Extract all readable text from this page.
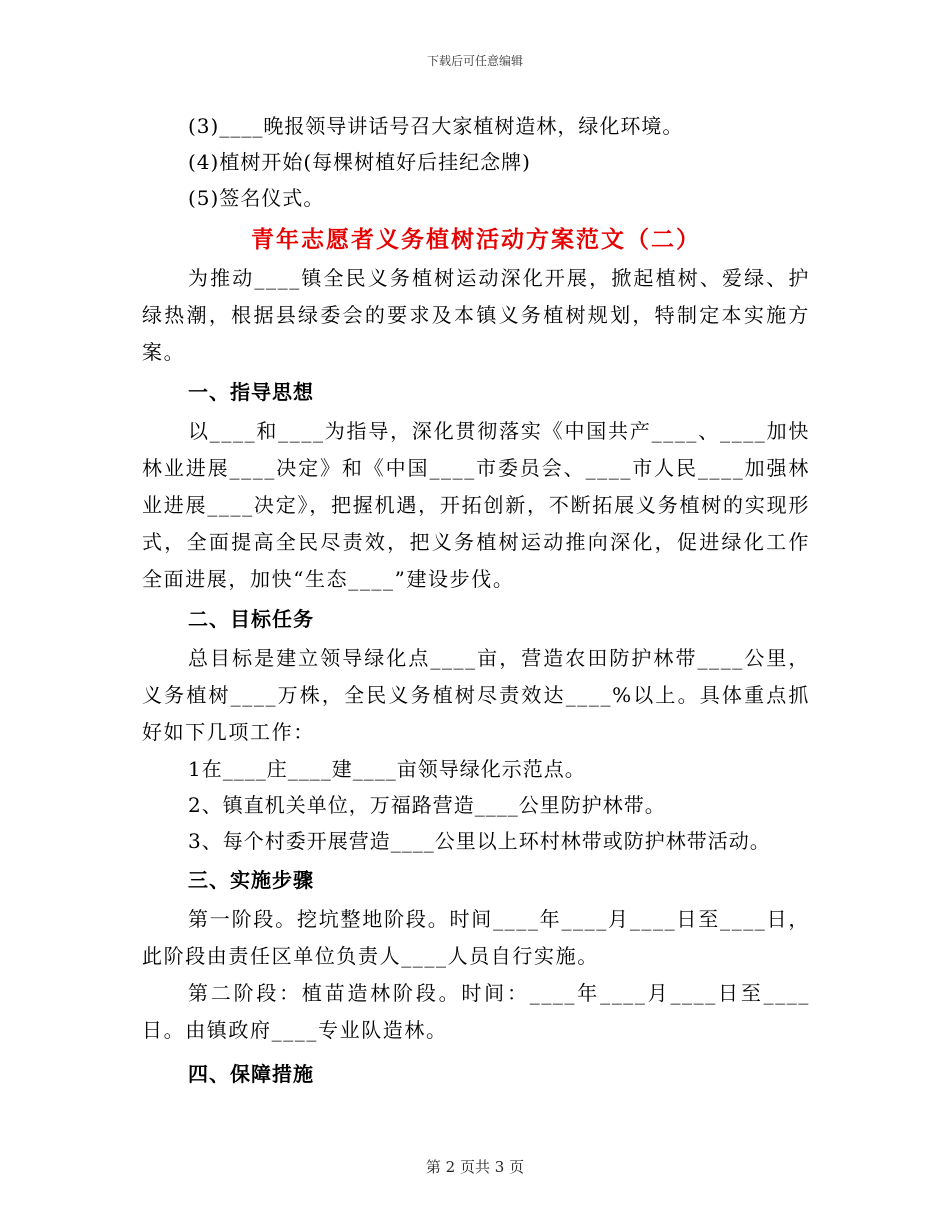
下载后可任意编辑
(3)____晚报领导讲话号召大家植树造林，绿化环境。
(4)植树开始(每棵树植好后挂纪念牌)
(5)签名仪式。
青年志愿者义务植树活动方案范文（二）

为推动____镇全民义务植树运动深化开展，掀起植树、爱绿、护绿热潮，根据县绿委会的要求及本镇义务植树规划，特制定本实施方案。

一、指导思想

以____和____为指导，深化贯彻落实《中国共产____、____加快林业进展____决定》和《中国____市委员会、____市人民____加强林业进展____决定》，把握机遇，开拓创新，不断拓展义务植树的实现形式，全面提高全民尽责效，把义务植树运动推向深化，促进绿化工作全面进展，加快“生态____”建设步伐。

二、目标任务

总目标是建立领导绿化点____亩，营造农田防护林带____公里，义务植树____万株，全民义务植树尽责效达____%以上。具体重点抓好如下几项工作：

1在____庄____建____亩领导绿化示范点。
2、镇直机关单位，万福路营造____公里防护林带。
3、每个村委开展营造____公里以上环村林带或防护林带活动。
三、实施步骤

第一阶段。挖坑整地阶段。时间____年____月____日至____日，此阶段由责任区单位负责人____人员自行实施。

第二阶段：植苗造林阶段。时间：____年____月____日至____日。由镇政府____专业队造林。

四、保障措施
第 2 页共 3 页
